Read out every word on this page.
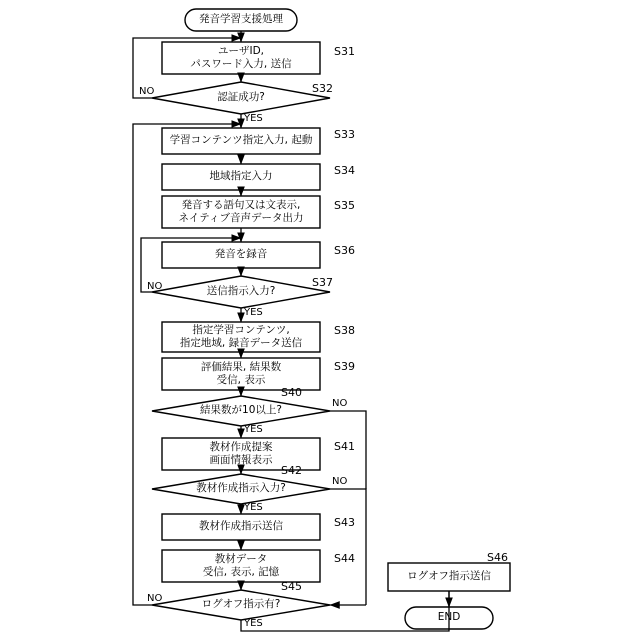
発音学習支援処理
ユーザID,
パスワード入力, 送信
認証成功?
学習コンテンツ指定入力, 起動
地域指定入力
発音する語句又は文表示,
ネイティブ音声データ出力
発音を録音
送信指示入力?
指定学習コンテンツ,
指定地域, 録音データ送信
評価結果, 結果数
受信, 表示
結果数が10以上?
教材作成提案
画面情報表示
教材作成指示入力?
教材作成指示送信
教材データ
受信, 表示, 記憶
ログオフ指示有?
ログオフ指示送信
END
S31
S32
S33
S34
S35
S36
S37
S38
S39
S40
S41
S42
S43
S44
S45
S46
NO
YES
NO
YES
NO
YES
NO
YES
NO
YES
